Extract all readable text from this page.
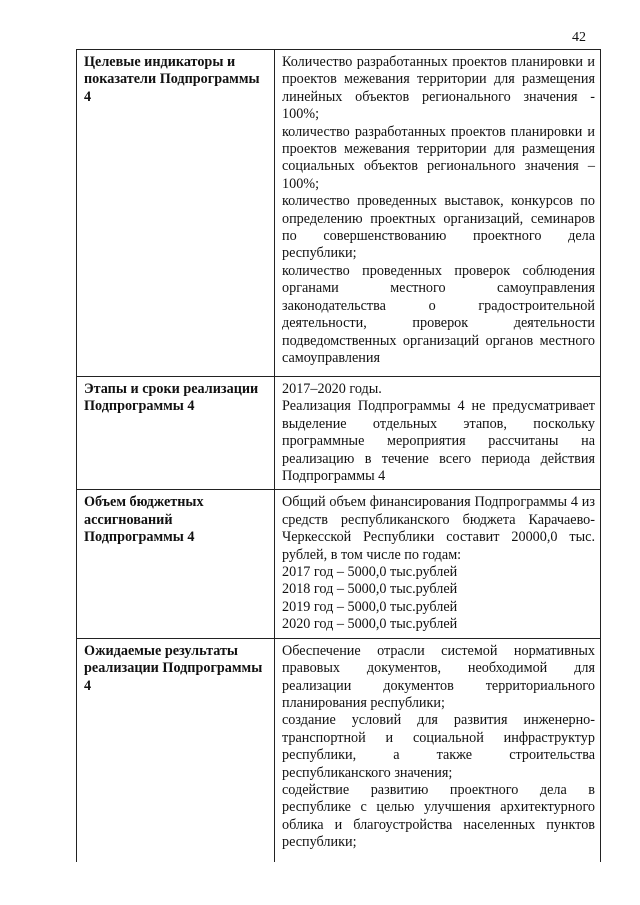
42
Целевые индикаторы и показатели Подпрограммы 4	Количество разработанных проектов планировки и проектов межевания территории для размещения линейных объектов регионального значения - 100%;

количество разработанных проектов планировки и проектов межевания территории для размещения социальных объектов регионального значения – 100%;

количество проведенных выставок, конкурсов по определению проектных организаций, семинаров по совершенствованию проектного дела республики;

количество проведенных проверок соблюдения органами местного самоуправления законодательства о градостроительной деятельности, проверок деятельности подведомственных организаций органов местного самоуправления

Этапы и сроки реализации Подпрограммы 4	2017–2020 годы.

Реализация Подпрограммы 4 не предусматривает выделение отдельных этапов, поскольку программные мероприятия рассчитаны на реализацию в течение всего периода действия Подпрограммы 4

Объем бюджетных ассигнований Подпрограммы 4	Общий объем финансирования Подпрограммы 4 из средств республиканского бюджета Карачаево-Черкесской Республики составит 20000,0 тыс. рублей, в том числе по годам:

2017 год – 5000,0 тыс.рублей

2018 год – 5000,0 тыс.рублей

2019 год – 5000,0 тыс.рублей

2020 год – 5000,0 тыс.рублей

Ожидаемые результаты реализации Подпрограммы 4	Обеспечение отрасли системой нормативных правовых документов, необходимой для реализации документов территориального планирования республики;

создание условий для развития инженерно-транспортной и социальной инфраструктур республики, а также строительства республиканского значения;

содействие развитию проектного дела в республике с целью улучшения архитектурного облика и благоустройства населенных пунктов республики;
